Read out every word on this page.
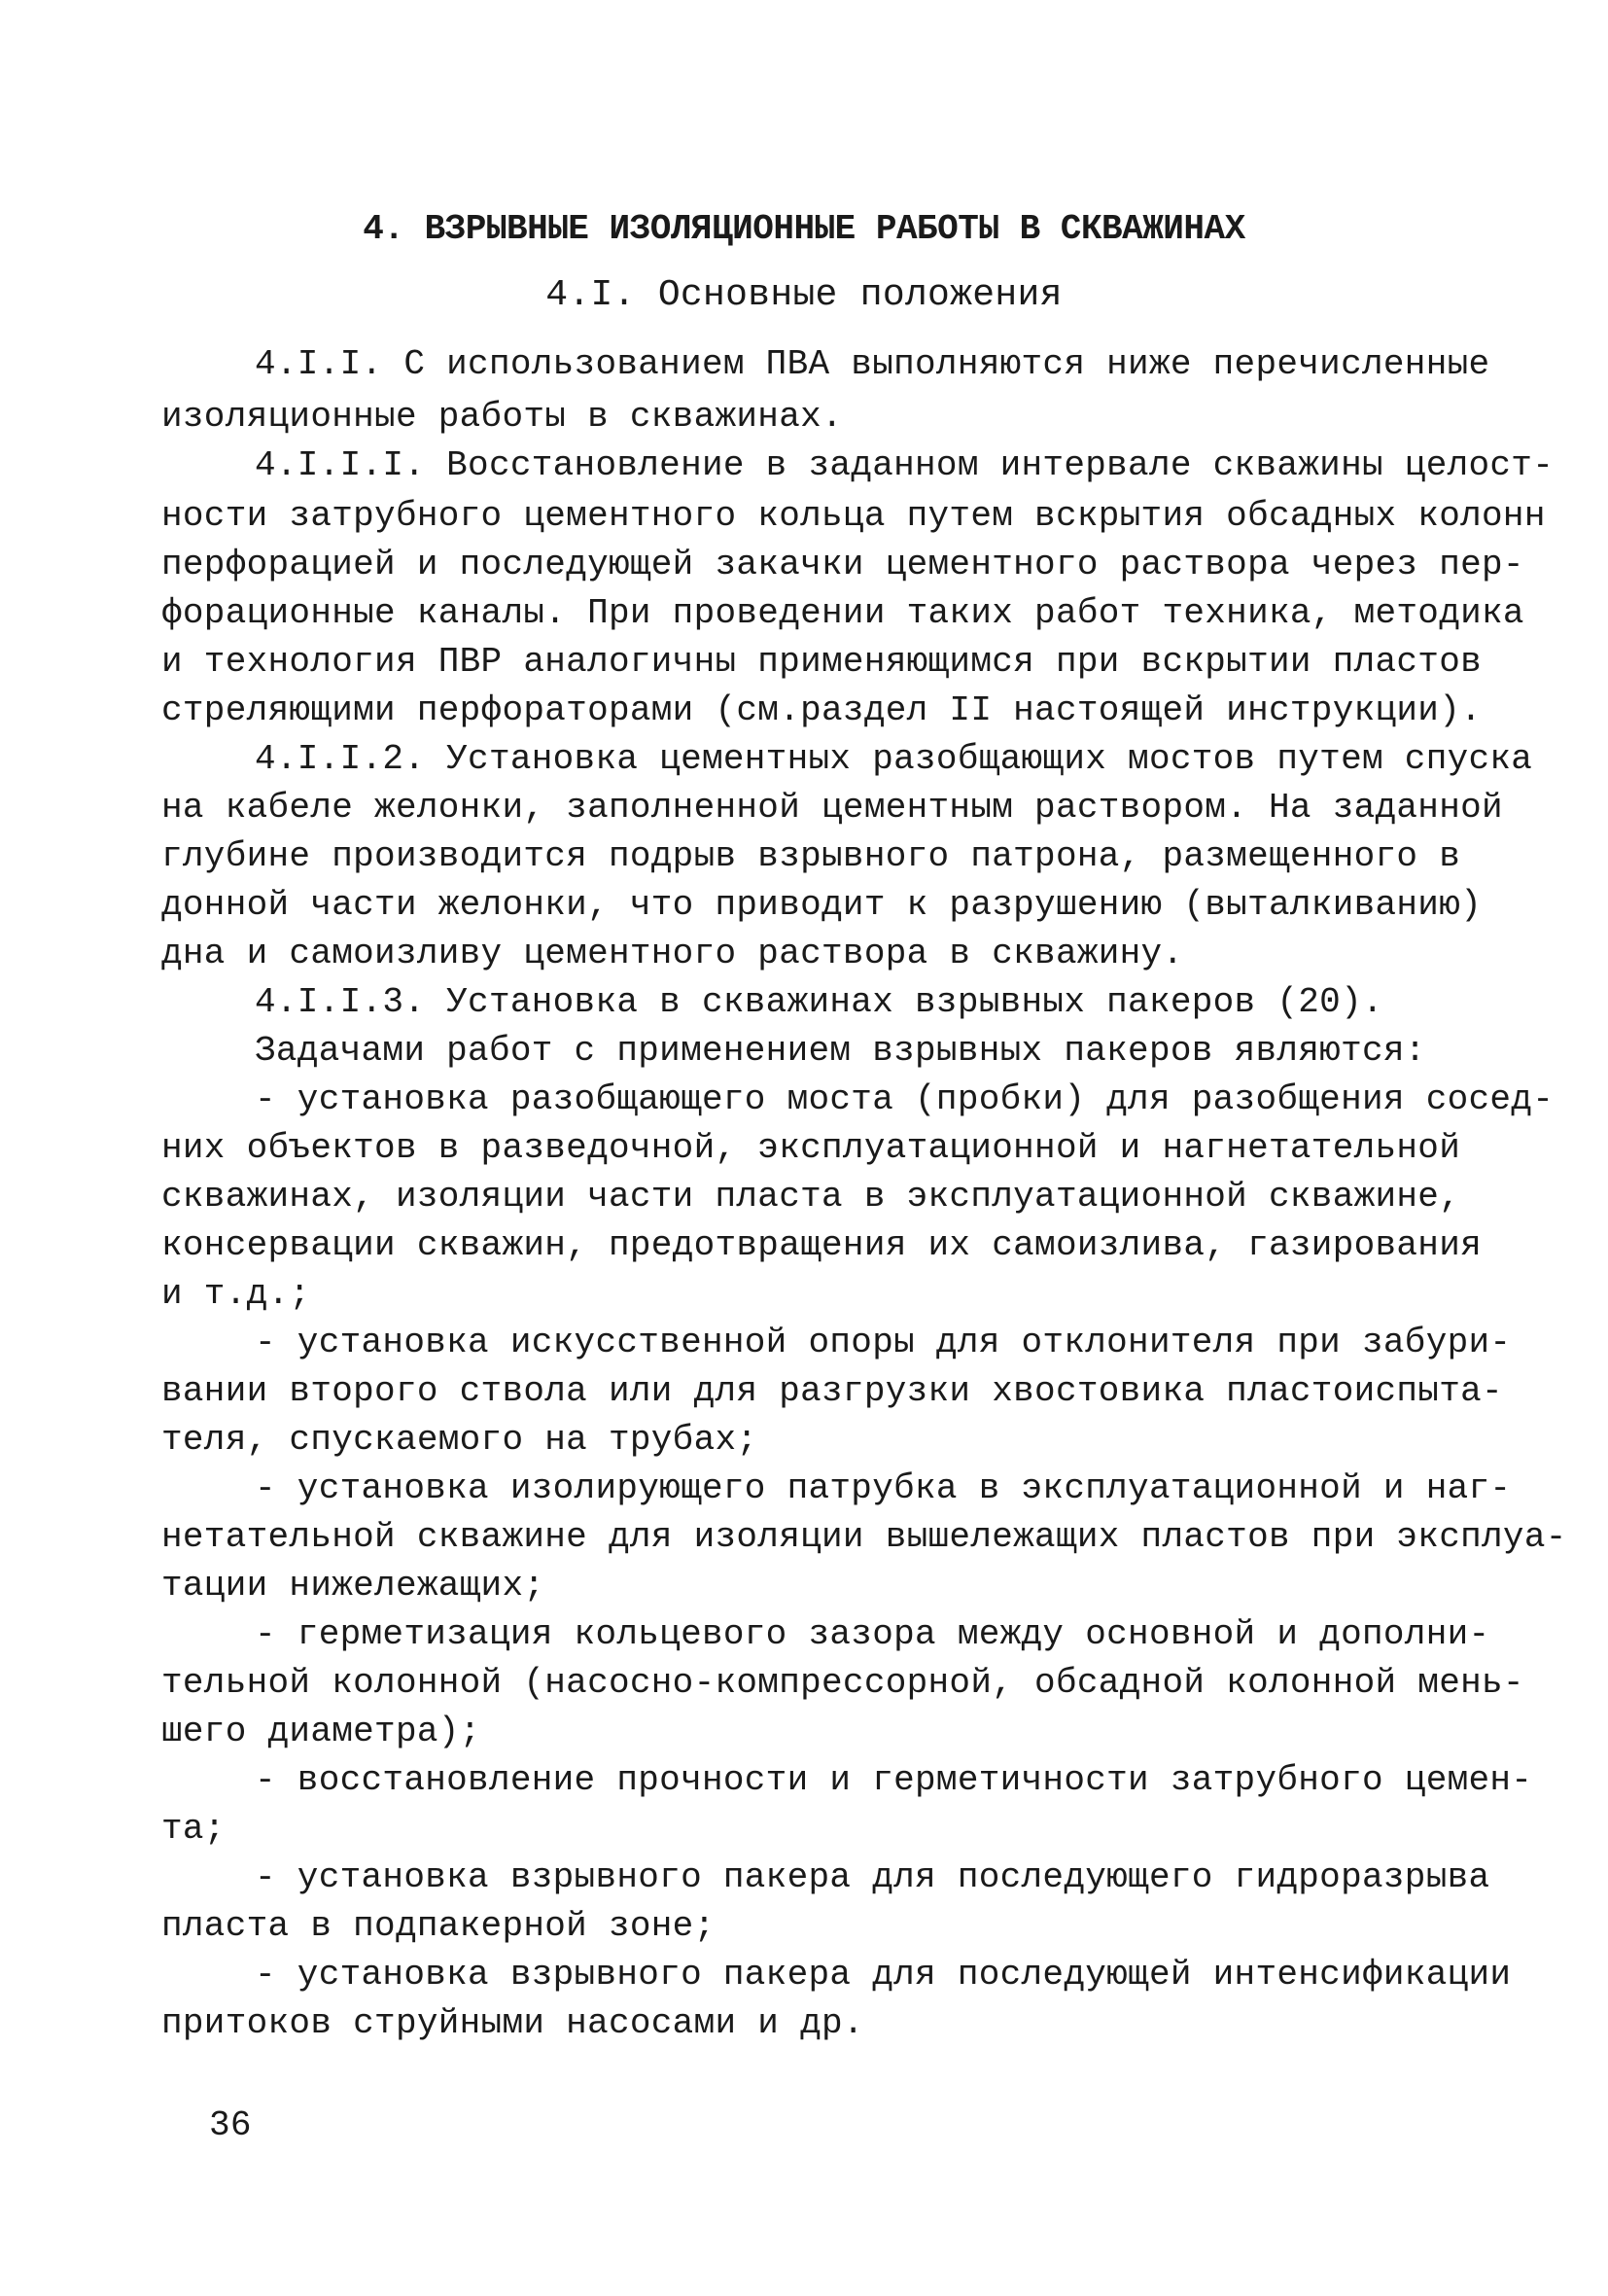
4. ВЗРЫВНЫЕ ИЗОЛЯЦИОННЫЕ РАБОТЫ В СКВАЖИНАХ
4.I. Основные положения
4.I.I. С использованием ПВА выполняются ниже перечисленные
изоляционные работы в скважинах.
4.I.I.I. Восстановление в заданном интервале скважины целост-
ности затрубного цементного кольца путем вскрытия обсадных колонн
перфорацией и последующей закачки цементного раствора через пер-
форационные каналы. При проведении таких работ техника, методика
и технология ПВР аналогичны применяющимся при вскрытии пластов
стреляющими перфораторами (см.раздел II настоящей инструкции).
4.I.I.2. Установка цементных разобщающих мостов путем спуска
на кабеле желонки, заполненной цементным раствором. На заданной
глубине производится подрыв взрывного патрона, размещенного в
донной части желонки, что приводит к разрушению (выталкиванию)
дна и самоизливу цементного раствора в скважину.
4.I.I.3. Установка в скважинах взрывных пакеров (20).
Задачами работ с применением взрывных пакеров являются:
- установка разобщающего моста (пробки) для разобщения сосед-
них объектов в разведочной, эксплуатационной и нагнетательной
скважинах, изоляции части пласта в эксплуатационной скважине,
консервации скважин, предотвращения их самоизлива, газирования
и т.д.;
- установка искусственной опоры для отклонителя при забури-
вании второго ствола или для разгрузки хвостовика пластоиспыта-
теля, спускаемого на трубах;
- установка изолирующего патрубка в эксплуатационной и наг-
нетательной скважине для изоляции вышележащих пластов при эксплуа-
тации нижележащих;
- герметизация кольцевого зазора между основной и дополни-
тельной колонной (насосно-компрессорной, обсадной колонной мень-
шего диаметра);
- восстановление прочности и герметичности затрубного цемен-
та;
- установка взрывного пакера для последующего гидроразрыва
пласта в подпакерной зоне;
- установка взрывного пакера для последующей интенсификации
притоков струйными насосами и др.
36
